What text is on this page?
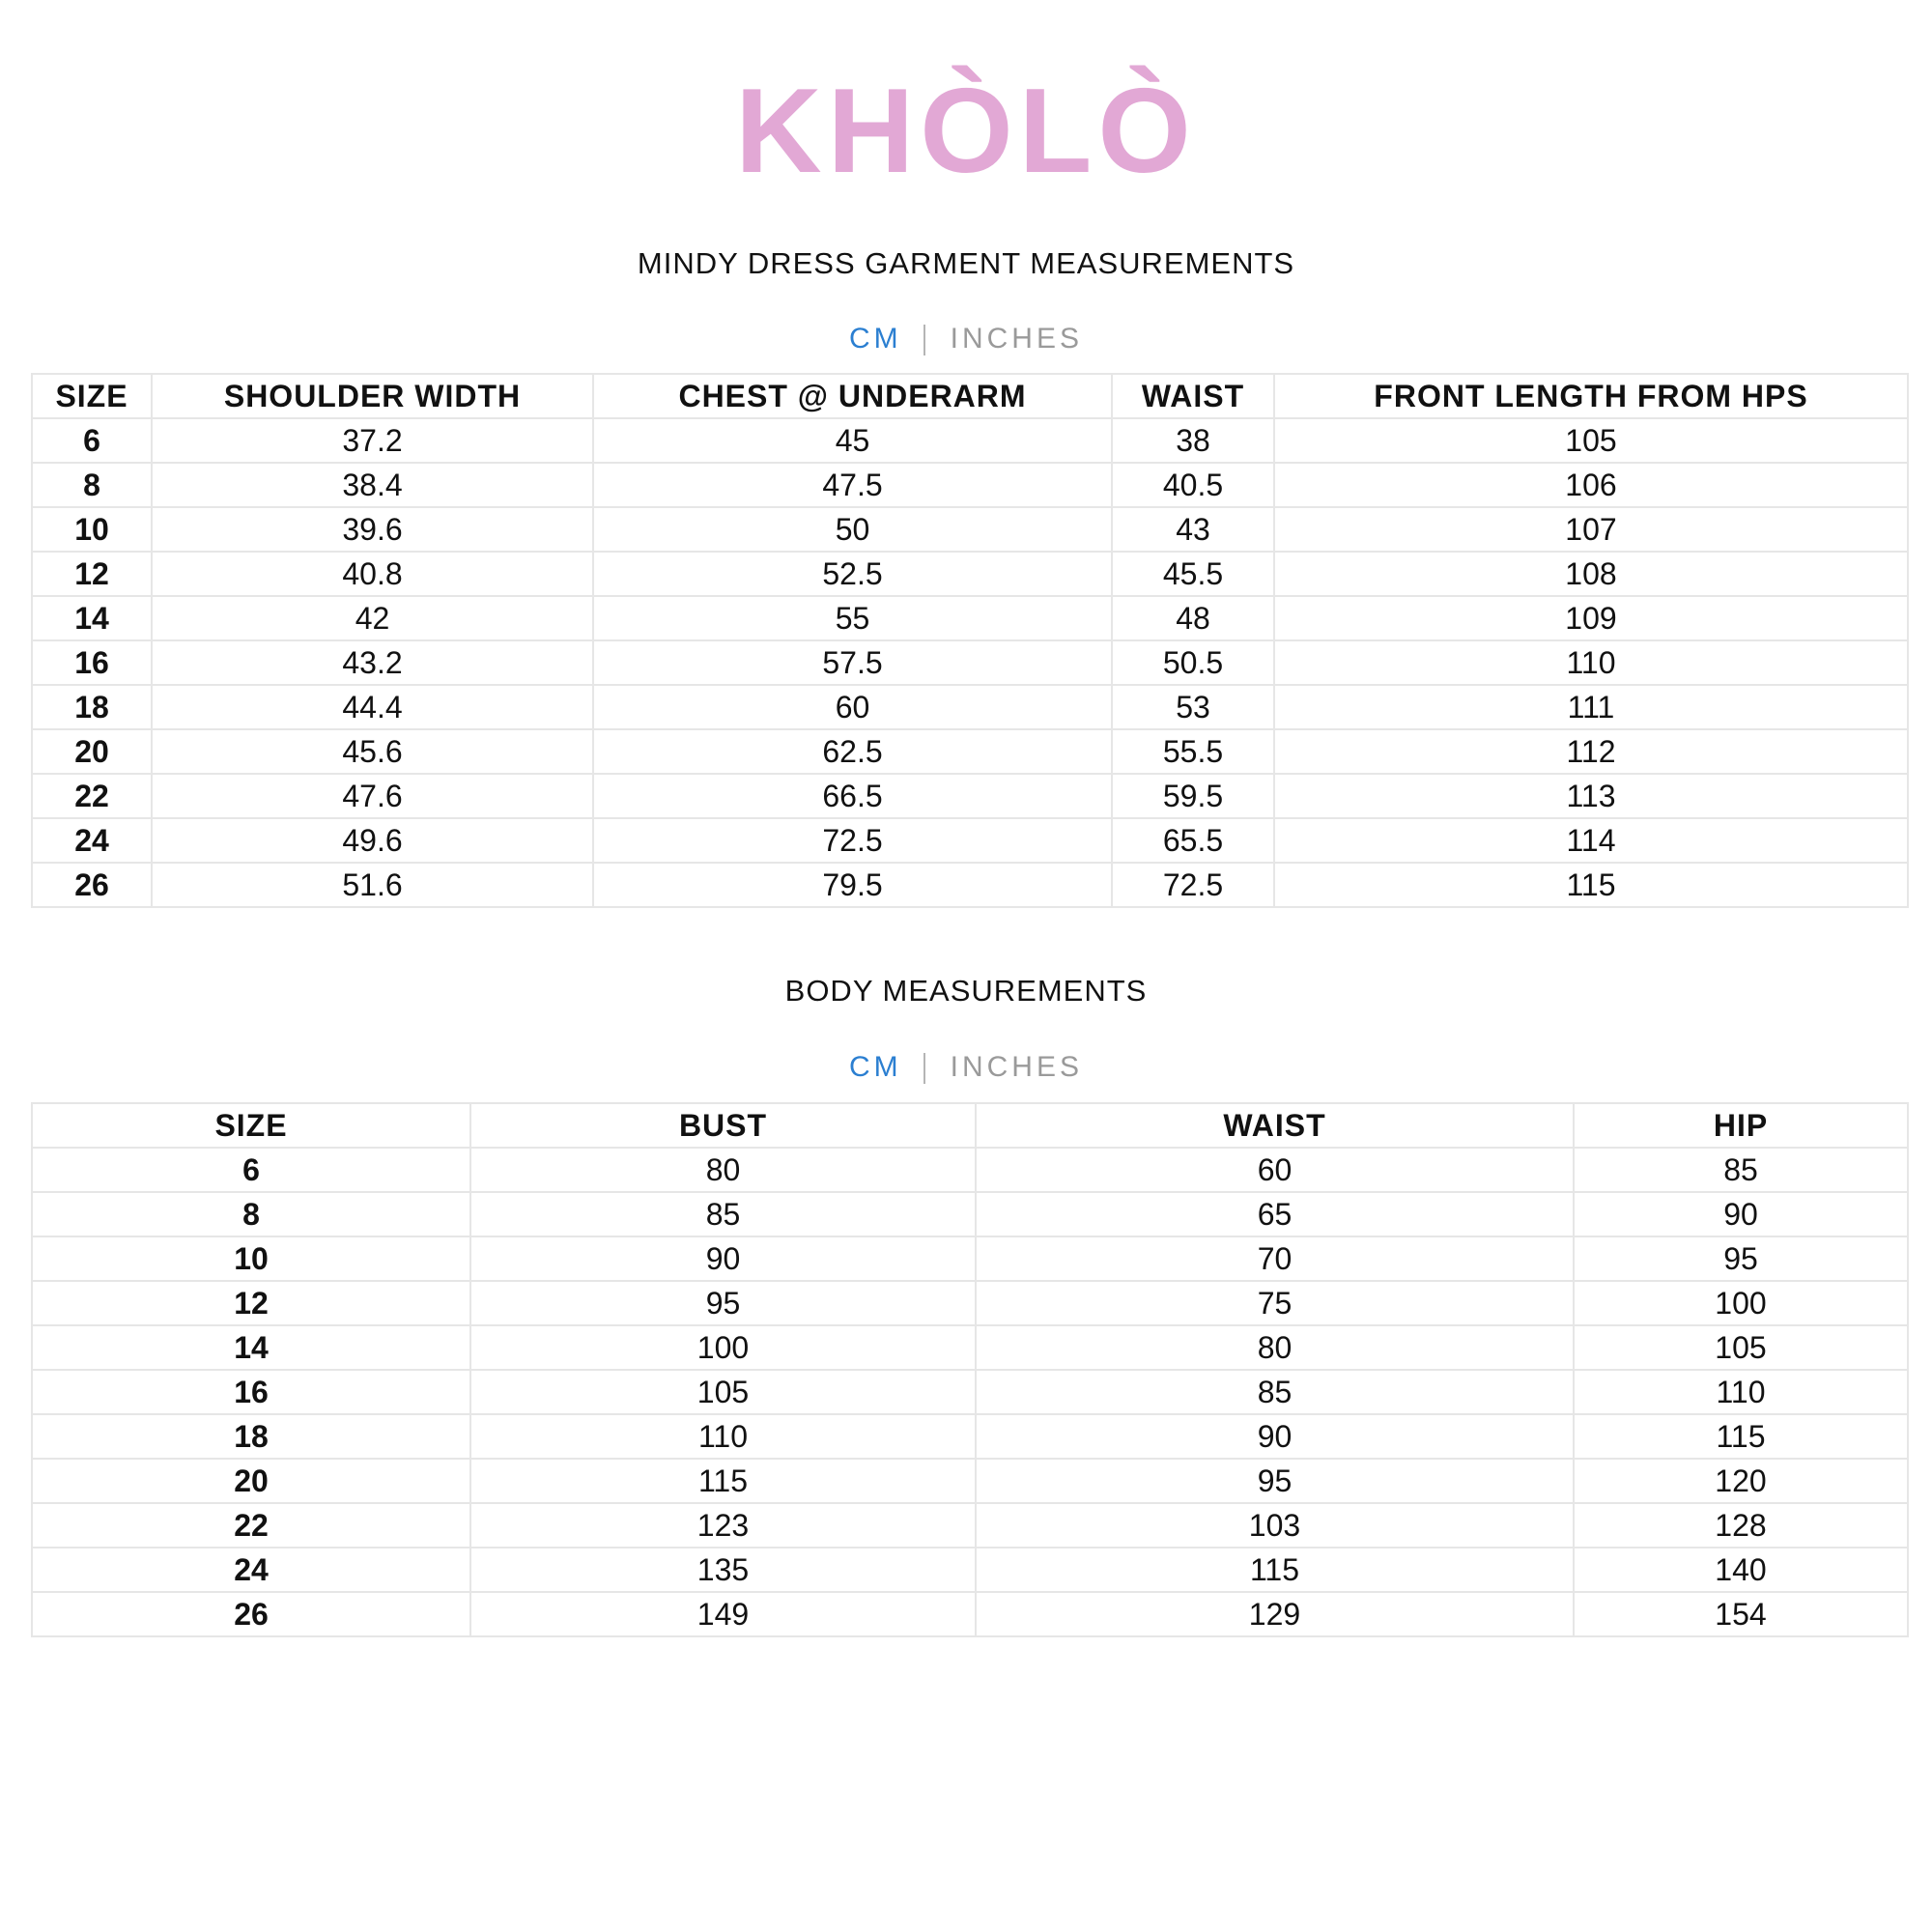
KHÒLÒ
MINDY DRESS GARMENT MEASUREMENTS
CM INCHES
SIZE	SHOULDER WIDTH	CHEST @ UNDERARM	WAIST	FRONT LENGTH FROM HPS
6	37.2	45	38	105
8	38.4	47.5	40.5	106
10	39.6	50	43	107
12	40.8	52.5	45.5	108
14	42	55	48	109
16	43.2	57.5	50.5	110
18	44.4	60	53	111
20	45.6	62.5	55.5	112
22	47.6	66.5	59.5	113
24	49.6	72.5	65.5	114
26	51.6	79.5	72.5	115
BODY MEASUREMENTS
CM INCHES
SIZE	BUST	WAIST	HIP
6	80	60	85
8	85	65	90
10	90	70	95
12	95	75	100
14	100	80	105
16	105	85	110
18	110	90	115
20	115	95	120
22	123	103	128
24	135	115	140
26	149	129	154
